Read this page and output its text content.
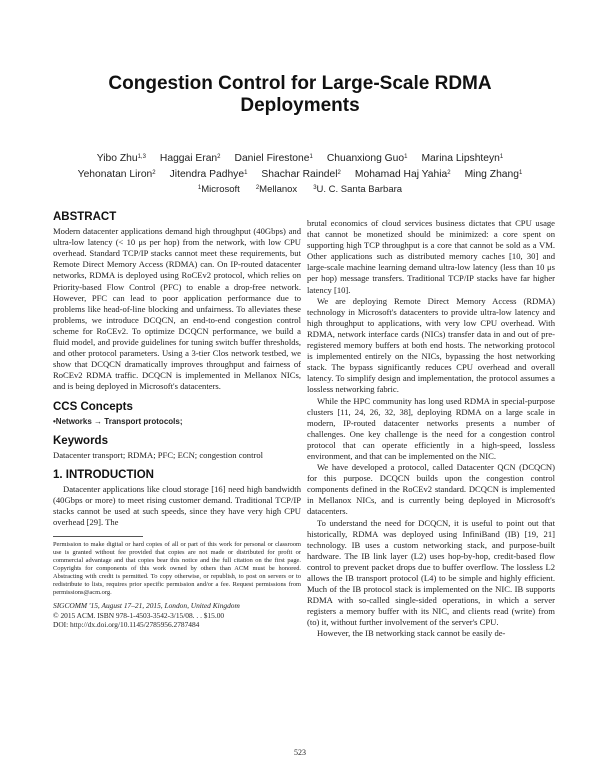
Congestion Control for Large-Scale RDMA Deployments
Yibo Zhu$^{1,3}$ Haggai Eran$^2$ Daniel Firestone$^1$ Chuanxiong Guo$^1$ Marina Lipshteyn$^1$
Yehonatan Liron$^2$ Jitendra Padhye$^1$ Shachar Raindel$^2$ Mohamad Haj Yahia$^2$ Ming Zhang$^1$
$^1$Microsoft	$^2$Mellanox	$^3$U. C. Santa Barbara
ABSTRACT

Modern datacenter applications demand high throughput (40Gbps) and ultra-low latency (< 10 μs per hop) from the network, with low CPU overhead. Standard TCP/IP stacks cannot meet these requirements, but Remote Direct Memory Access (RDMA) can. On IP-routed datacenter networks, RDMA is deployed using RoCEv2 protocol, which relies on Priority-based Flow Control (PFC) to enable a drop-free network. However, PFC can lead to poor application performance due to problems like head-of-line blocking and unfairness. To alleviates these problems, we introduce DCQCN, an end-to-end congestion control scheme for RoCEv2. To optimize DCQCN performance, we build a fluid model, and provide guidelines for tuning switch buffer thresholds, and other protocol parameters. Using a 3-tier Clos network testbed, we show that DCQCN dramatically improves throughput and fairness of RoCEv2 RDMA traffic. DCQCN is implemented in Mellanox NICs, and is being deployed in Microsoft's datacenters.

CCS Concepts

•Networks → Transport protocols;

Keywords

Datacenter transport; RDMA; PFC; ECN; congestion control

1. INTRODUCTION

Datacenter applications like cloud storage [16] need high bandwidth (40Gbps or more) to meet rising customer demand. Traditional TCP/IP stacks cannot be used at such speeds, since they have very high CPU overhead [29]. The

Permission to make digital or hard copies of all or part of this work for personal or classroom use is granted without fee provided that copies are not made or distributed for profit or commercial advantage and that copies bear this notice and the full citation on the first page. Copyrights for components of this work owned by others than ACM must be honored. Abstracting with credit is permitted. To copy otherwise, or republish, to post on servers or to redistribute to lists, requires prior specific permission and/or a fee. Request permissions from permissions@acm.org.

SIGCOMM '15, August 17–21, 2015, London, United Kingdom
© 2015 ACM. ISBN 978-1-4503-3542-3/15/08. . . $15.00
DOI: http://dx.doi.org/10.1145/2785956.2787484

brutal economics of cloud services business dictates that CPU usage that cannot be monetized should be minimized: a core spent on supporting high TCP throughput is a core that cannot be sold as a VM. Other applications such as distributed memory caches [10, 30] and large-scale machine learning demand ultra-low latency (less than 10 μs per hop) message transfers. Traditional TCP/IP stacks have far higher latency [10].

We are deploying Remote Direct Memory Access (RDMA) technology in Microsoft's datacenters to provide ultra-low latency and high throughput to applications, with very low CPU overhead. With RDMA, network interface cards (NICs) transfer data in and out of pre-registered memory buffers at both end hosts. The networking protocol is implemented entirely on the NICs, bypassing the host networking stack. The bypass significantly reduces CPU overhead and overall latency. To simplify design and implementation, the protocol assumes a lossless networking fabric.

While the HPC community has long used RDMA in special-purpose clusters [11, 24, 26, 32, 38], deploying RDMA on a large scale in modern, IP-routed datacenter networks presents a number of challenges. One key challenge is the need for a congestion control protocol that can operate efficiently in a high-speed, lossless environment, and that can be implemented on the NIC.

We have developed a protocol, called Datacenter QCN (DCQCN) for this purpose. DCQCN builds upon the congestion control components defined in the RoCEv2 standard. DCQCN is implemented in Mellanox NICs, and is currently being deployed in Microsoft's datacenters.

To understand the need for DCQCN, it is useful to point out that historically, RDMA was deployed using InfiniBand (IB) [19, 21] technology. IB uses a custom networking stack, and purpose-built hardware. The IB link layer (L2) uses hop-by-hop, credit-based flow control to prevent packet drops due to buffer overflow. The lossless L2 allows the IB transport protocol (L4) to be simple and highly efficient. Much of the IB protocol stack is implemented on the NIC. IB supports RDMA with so-called single-sided operations, in which a server registers a memory buffer with its NIC, and clients read (write) from (to) it, without further involvement of the server's CPU.

However, the IB networking stack cannot be easily de-

523
